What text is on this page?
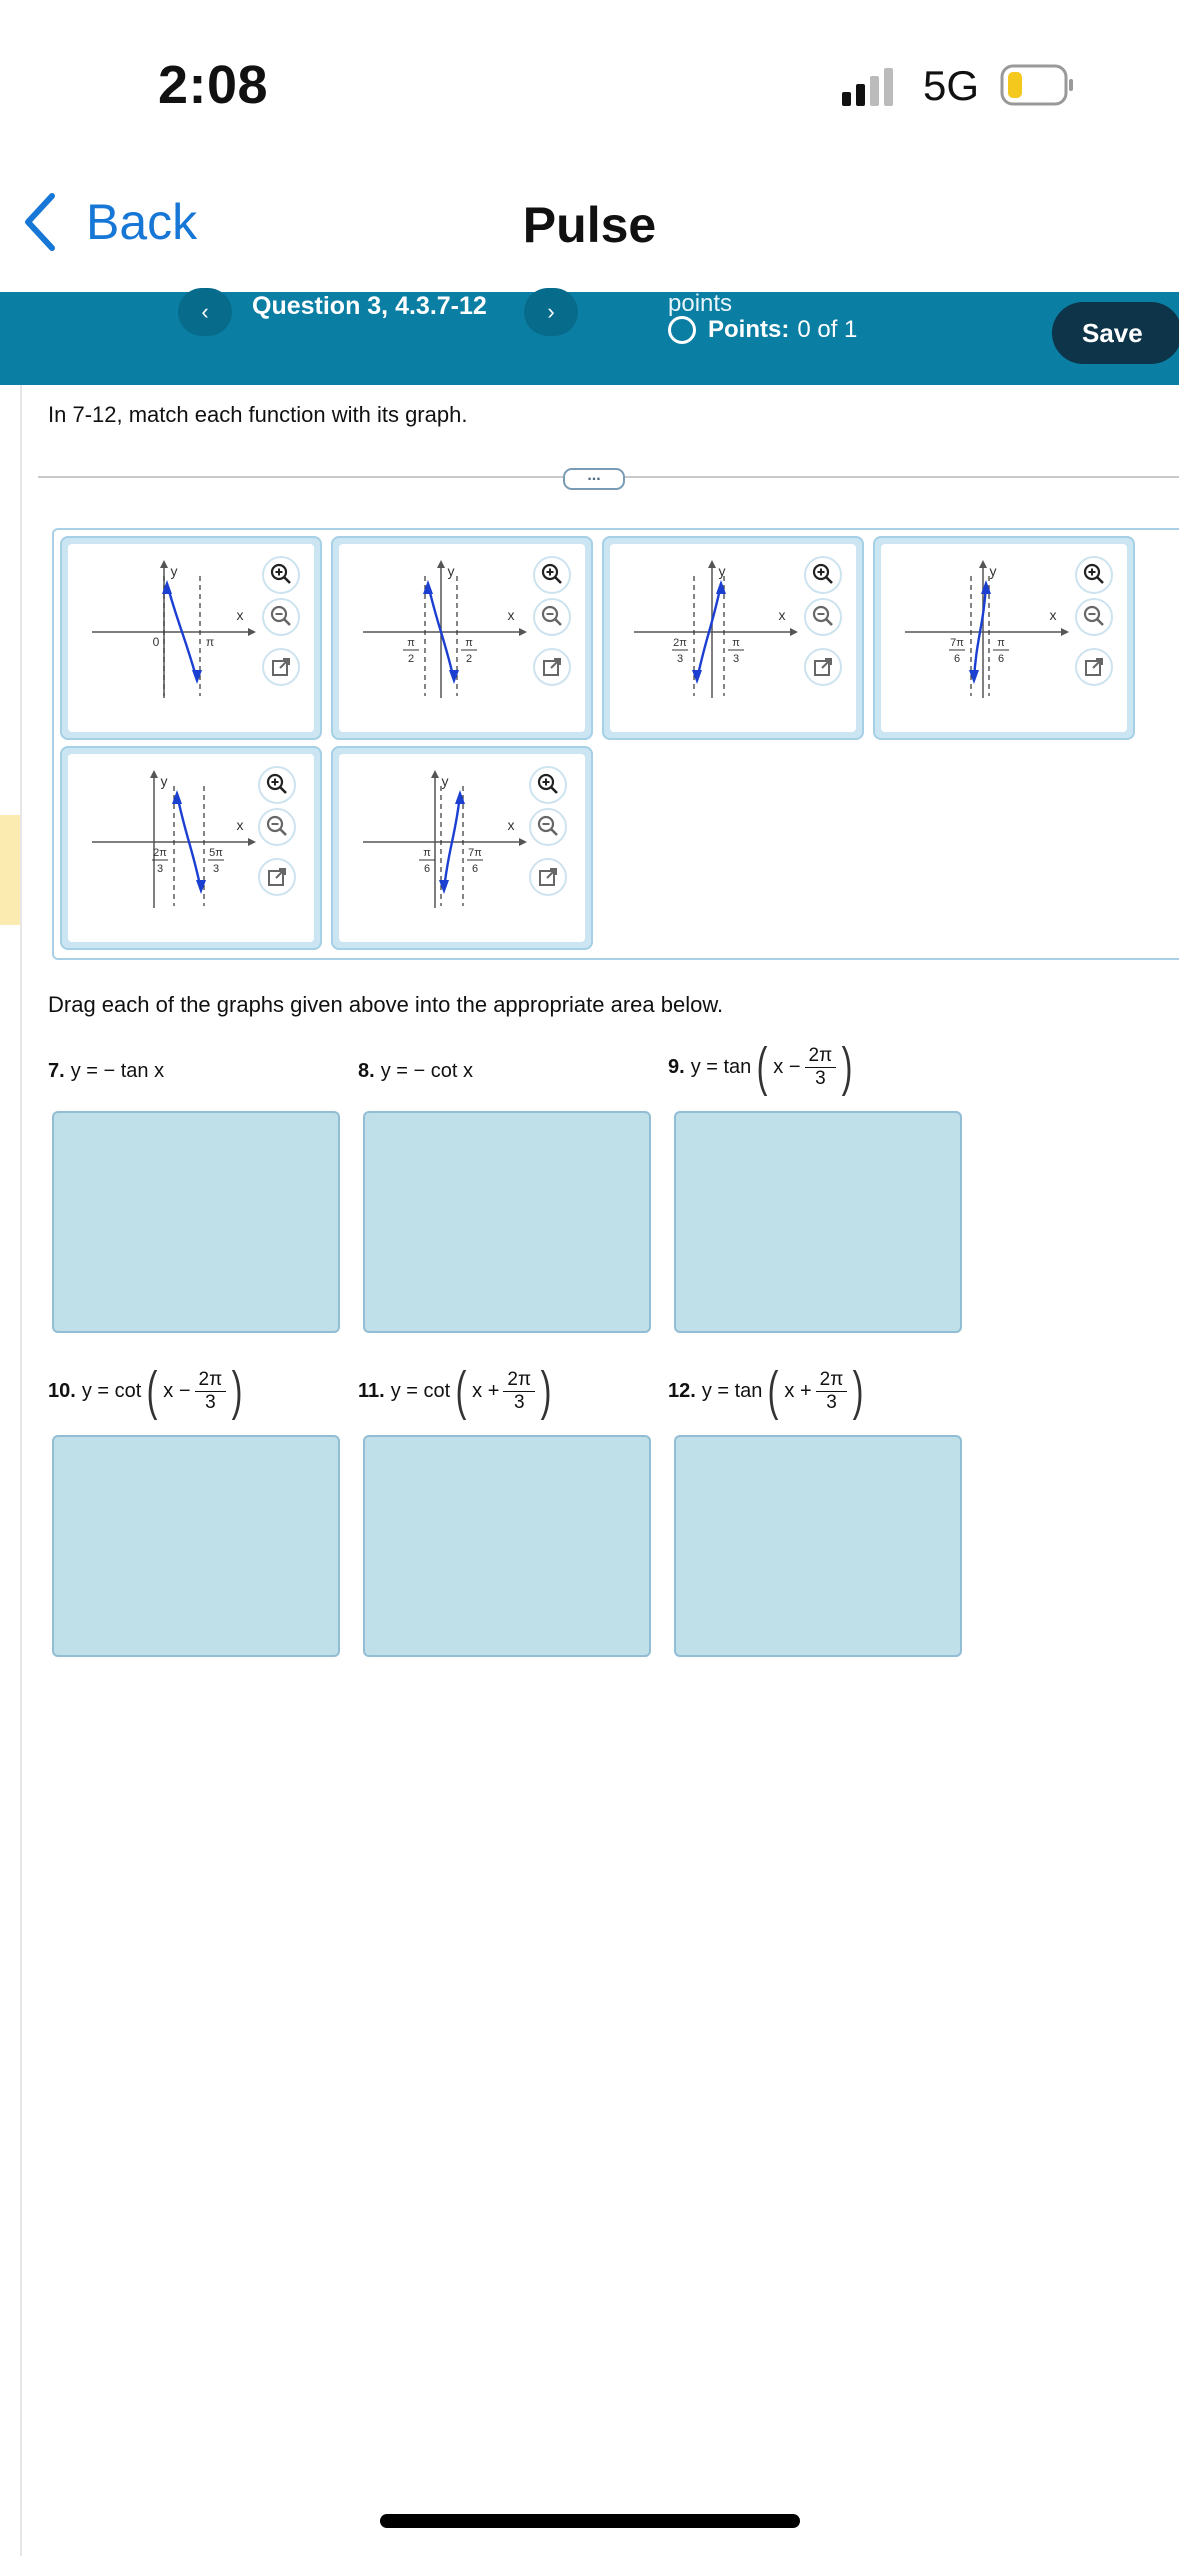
2:08	5G
Back	Pulse
‹ Question 3, 4.3.7-12	›	points
Points: 0 of 1	Save
In 7-12, match each function with its graph.
...
y
x
0	π
y
x
π
2
π
2
y
x
2π
3
π
3
y
x
7π
6
π
6
y
x
2π
3
5π
3
y
x
π
6
7π
6
Drag each of the graphs given above into the appropriate area below.
7. y = − tan x	8. y = − cot x	9. y = tan ( $x - \frac{2\pi}{3}$ )
10. y = cot ( $x - \frac{2\pi}{3}$ )	11. y = cot ( $x + \frac{2\pi}{3}$ )	12. y = tan ( $x + \frac{2\pi}{3}$ )
